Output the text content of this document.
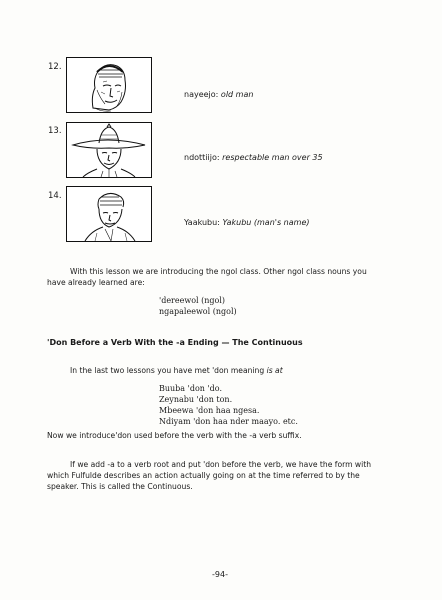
12.
nayeejo: old man
13.
ndottiijo: respectable man over 35
14.
Yaakubu: Yakubu (man's name)
With this lesson we are introducing the ngol class. Other ngol class nouns you
have already learned are:
'dereewol (ngol)
ngapaleewol (ngol)
'Don Before a Verb With the -a Ending — The Continuous
In the last two lessons you have met 'don meaning is at
Buuba 'don 'do.
Zeynabu 'don ton.
Mbeewa 'don haa ngesa.
Ndiyam 'don haa nder maayo. etc.
Now we introduce'don used before the verb with the -a verb suffix.
If we add -a to a verb root and put 'don before the verb, we have the form with
which Fulfulde describes an action actually going on at the time referred to by the
speaker. This is called the Continuous.
-94-
